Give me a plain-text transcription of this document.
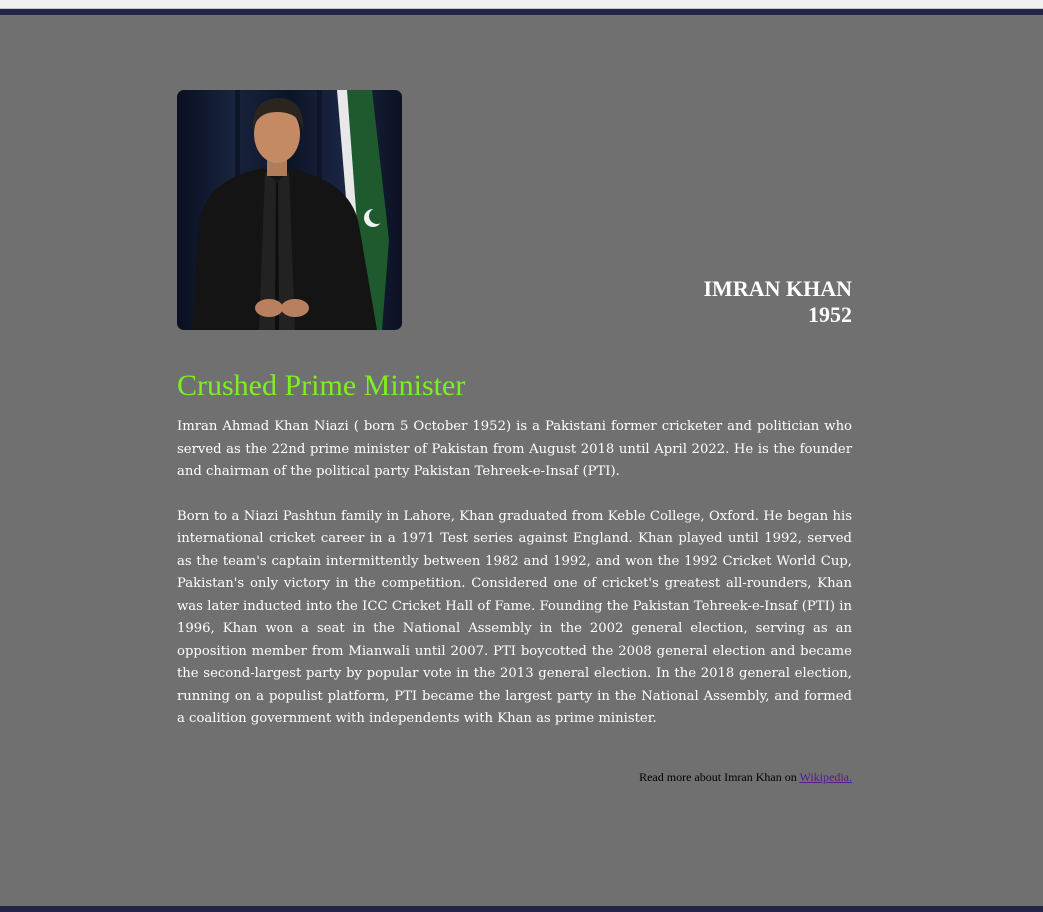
IMRAN KHAN
1952
Crushed Prime Minister

Imran Ahmad Khan Niazi ( born 5 October 1952) is a Pakistani former cricketer and politician who served as the 22nd prime minister of Pakistan from August 2018 until April 2022. He is the founder and chairman of the political party Pakistan Tehreek-e-Insaf (PTI).

Born to a Niazi Pashtun family in Lahore, Khan graduated from Keble College, Oxford. He began his international cricket career in a 1971 Test series against England. Khan played until 1992, served as the team's captain intermittently between 1982 and 1992, and won the 1992 Cricket World Cup, Pakistan's only victory in the competition. Considered one of cricket's greatest all-rounders, Khan was later inducted into the ICC Cricket Hall of Fame. Founding the Pakistan Tehreek-e-Insaf (PTI) in 1996, Khan won a seat in the National Assembly in the 2002 general election, serving as an opposition member from Mianwali until 2007. PTI boycotted the 2008 general election and became the second-largest party by popular vote in the 2013 general election. In the 2018 general election, running on a populist platform, PTI became the largest party in the National Assembly, and formed a coalition government with independents with Khan as prime minister.

Read more about Imran Khan on Wikipedia.
